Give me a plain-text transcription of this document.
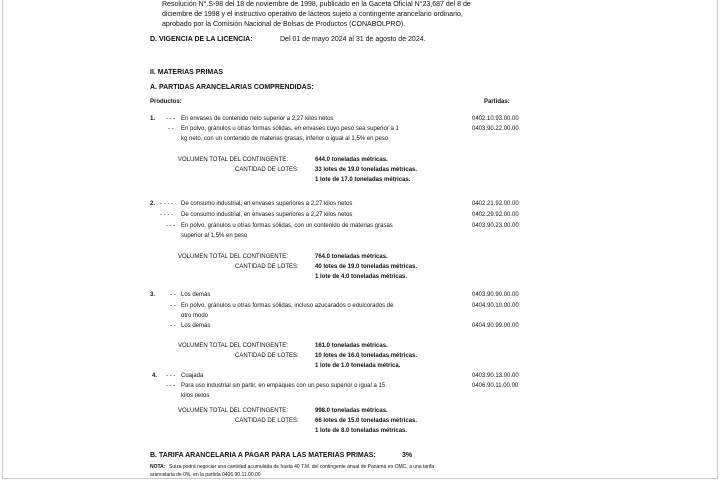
Resolución N°.S-98 del 18 de noviembre de 1998, publicado en la Gaceta Oficial N°23,687 del 8 de
diciembre de 1998 y el instructivo operativo de lácteos sujeto a contingente arancelario ordinario,
aprobado por la Comisión Nacional de Bolsas de Productos (CONABOLPRO).
D. VIGENCIA DE LA LICENCIA:	Del 01 de mayo 2024 al 31 de agosto de 2024.
II. MATERIAS PRIMAS
A. PARTIDAS ARANCELARIAS COMPRENDIDAS:
Productos:	Partidas:
1. - - - En envases de contenido neto superior a 2,27 kilos netos	0402.10.93.00.00
- - En polvo, gránulos u otras formas sólidas, en envases cuyo peso sea superior a 1
kg neto, con un contenido de materias grasas, inferior o igual al 1,5% en peso
0403.90.22.00.00
VOLUMEN TOTAL DEL CONTINGENTE:	644.0 toneladas métricas.
CANTIDAD DE LOTES:	33 lotes de 19.0 toneladas métricas.
1 lote de 17.0 toneladas métricas.
2. - - - - De consumo industrial, en envases superiores a 2,27 kilos netos	0402.21.92.00.00
- - - - De consumo industrial, en envases superiores a 2,27 kilos netos	0402.29.92.00.00
- - - En polvo, gránulos u otras formas sólidas, con un contenido de materias grasas
superior al 1,5% en peso
0403.90.23.00.00
VOLUMEN TOTAL DEL CONTINGENTE:	764.0 toneladas métricas.
CANTIDAD DE LOTES:	40 lotes de 19.0 toneladas métricas.
1 lote de 4.0 toneladas métricas.
3. - - Los demás	0403.90.90.00.00
- - En polvo, gránulos u otras formas sólidas, incluso azucarados o edulcorados de
otro modo
0404.90.10.00.00
- - Los demás	0404.90.99.00.00
VOLUMEN TOTAL DEL CONTINGENTE:	161.0 toneladas métricas.
CANTIDAD DE LOTES:	10 lotes de 16.0 toneladas métricas.
1 lote de 1.0 tonelada métrica.
4. - - - Cuajada	0403.90.13.00.00
- - - Para uso industrial sin partir, en empaques con un peso superior o igual a 15
kilos netos
0406.90.11.00.00
VOLUMEN TOTAL DEL CONTINGENTE:	998.0 toneladas métricas.
CANTIDAD DE LOTES:	66 lotes de 15.0 toneladas métricas.
1 lote de 8.0 toneladas métricas.
B. TARIFA ARANCELARIA A PAGAR PARA LAS MATERIAS PRIMAS:	3%
NOTA: Suiza podrá negociar una cantidad acumulada de hasta 40 T.M. del contingente anual de Panamá en OMC, a una tarifa
arancelaria de 0%, en la partida 0406.90.11.00.00
